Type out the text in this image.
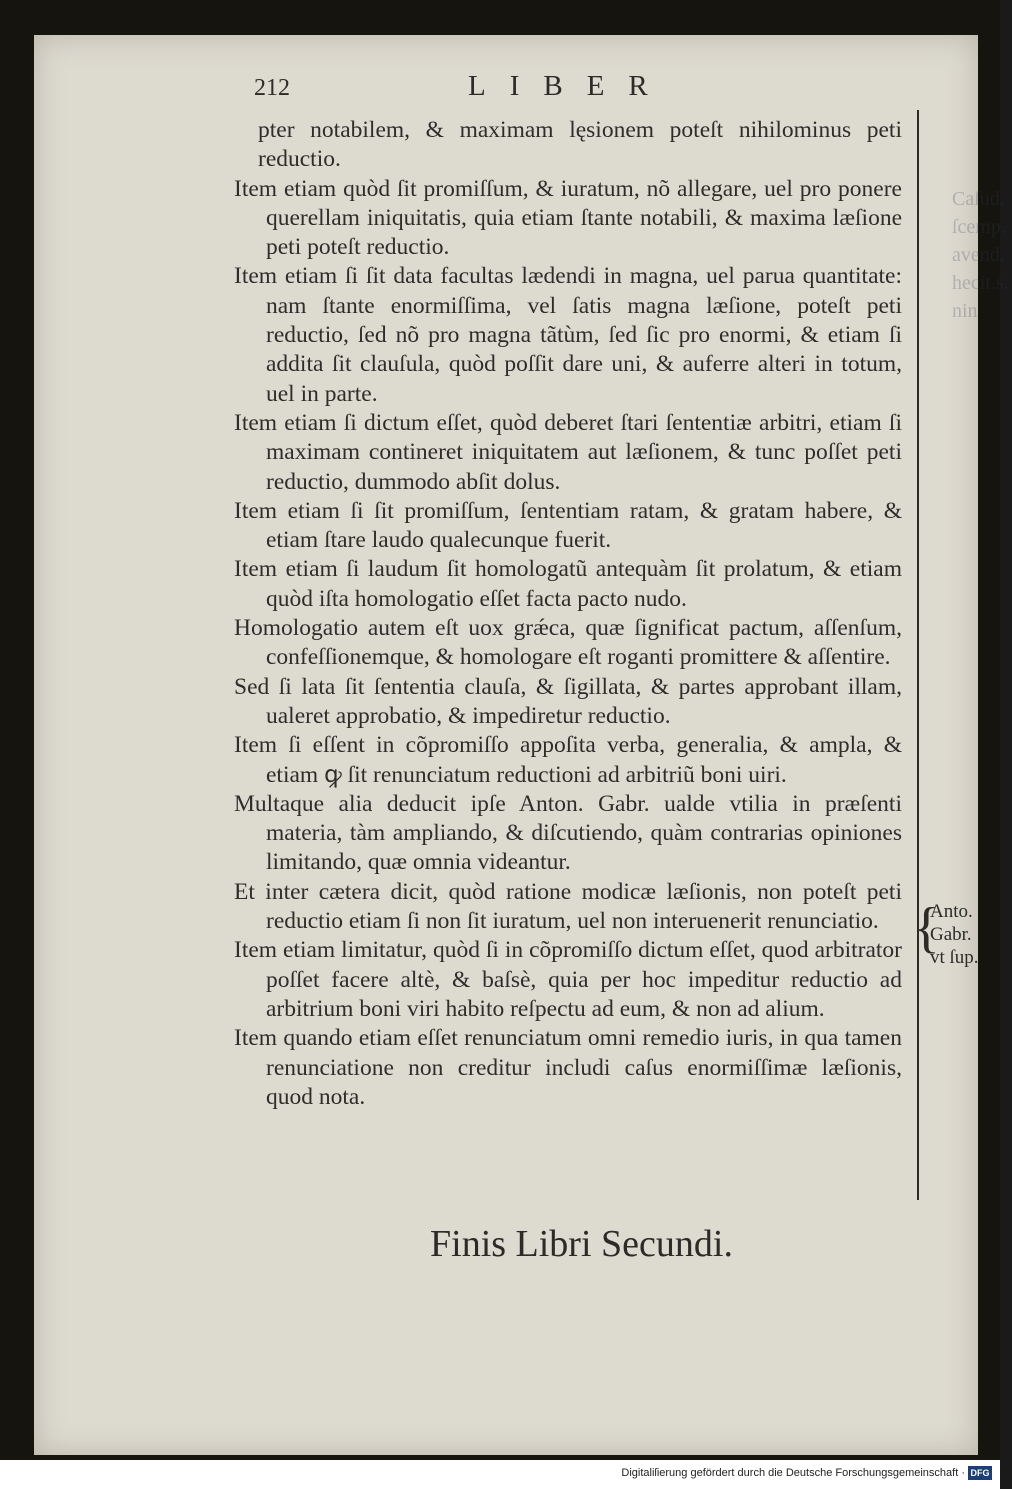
Caſud.
ſcemp.
avend.
hecit.s.
nin
212	LIBER

pter notabilem, & maximam lęsionem poteſt nihilominus peti reductio.

Item etiam quòd ſit promiſſum, & iuratum, nõ allegare, uel pro ponere querellam iniquitatis, quia etiam ſtante notabili, & maxima læſione peti poteſt reductio.

Item etiam ſi ſit data facultas lædendi in magna, uel parua quantitate: nam ſtante enormiſſima, vel ſatis magna læſione, poteſt peti reductio, ſed nõ pro magna tãtùm, ſed ſic pro enormi, & etiam ſi addita ſit clauſula, quòd poſſit dare uni, & auferre alteri in totum, uel in parte.

Item etiam ſi dictum eſſet, quòd deberet ſtari ſententiæ arbitri, etiam ſi maximam contineret iniquitatem aut læſionem, & tunc poſſet peti reductio, dummodo abſit dolus.

Item etiam ſi ſit promiſſum, ſententiam ratam, & gratam habere, & etiam ſtare laudo qualecunque fuerit.

Item etiam ſi laudum ſit homologatũ antequàm ſit prolatum, & etiam quòd iſta homologatio eſſet facta pacto nudo.

Homologatio autem eſt uox grǽca, quæ ſignificat pactum, aſſenſum, confeſſionemque, & homologare eſt roganti promittere & aſſentire.

Sed ſi lata ſit ſententia clauſa, & ſigillata, & partes approbant illam, ualeret approbatio, & impediretur reductio.

Item ſi eſſent in cõpromiſſo appoſita verba, generalia, & ampla, & etiam ꝙ ſit renunciatum reductioni ad arbitriũ boni uiri.

Multaque alia deducit ipſe Anton. Gabr. ualde vtilia in præſenti materia, tàm ampliando, & diſcutiendo, quàm contrarias opiniones limitando, quæ omnia videantur.

Et inter cætera dicit, quòd ratione modicæ læſionis, non poteſt peti reductio etiam ſi non ſit iuratum, uel non interuenerit renunciatio.

Item etiam limitatur, quòd ſi in cõpromiſſo dictum eſſet, quod arbitrator poſſet facere altè, & baſsè, quia per hoc impeditur reductio ad arbitrium boni viri habito reſpectu ad eum, & non ad alium.

Item quando etiam eſſet renunciatum omni remedio iuris, in qua tamen renunciatione non creditur includi caſus enormiſſimæ læſionis, quod nota.

{
Anto.
Gabr.
vt ſup.
Finis Libri Secundi.
Digitaliſierung gefördert durch die Deutsche Forschungsgemeinschaft · DFG
